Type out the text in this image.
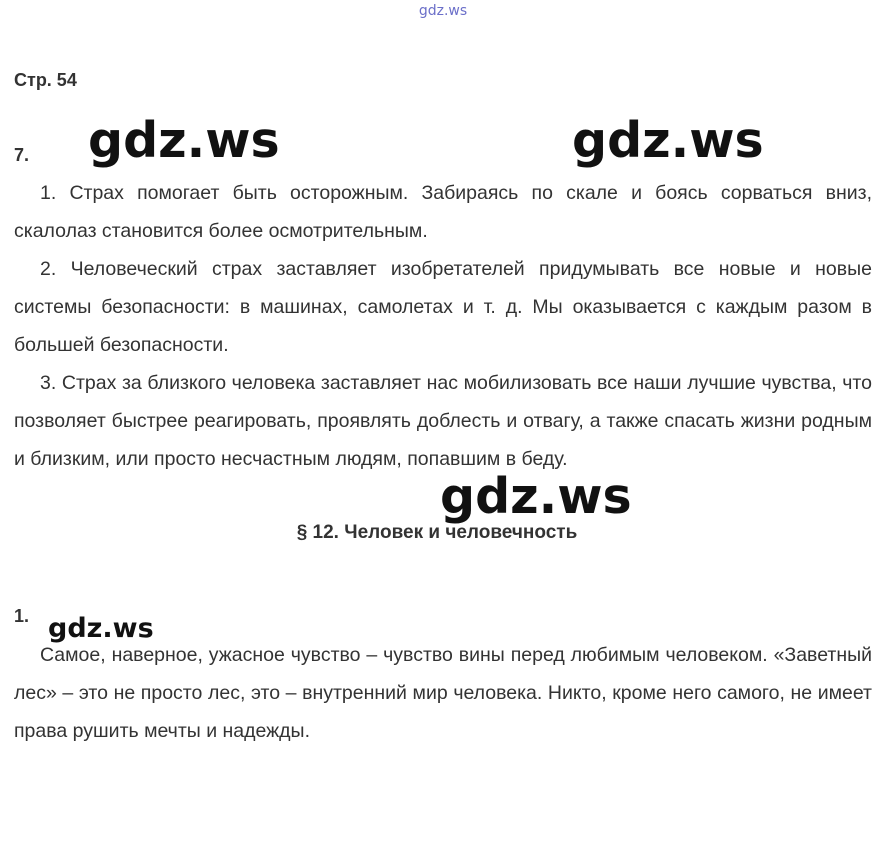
gdz.ws
Стр. 54
7. gdz.ws	gdz.ws

1. Страх помогает быть осторожным. Забираясь по скале и боясь сорваться вниз, скалолаз становится более осмотрительным.

2. Человеческий страх заставляет изобретателей придумывать все новые и новые системы безопасности: в машинах, самолетах и т. д. Мы оказывается с каждым разом в большей безопасности.

3. Страх за близкого человека заставляет нас мобилизовать все наши лучшие чувства, что позволяет быстрее реагировать, проявлять доблесть и отвагу, а также спасать жизни родным и близким, или просто несчастным людям, попавшим в беду.

gdz.ws
§ 12. Человек и человечность
1. gdz.ws

Самое, наверное, ужасное чувство – чувство вины перед любимым человеком. «Заветный лес» – это не просто лес, это – внутренний мир человека. Никто, кроме него самого, не имеет права рушить мечты и надежды.
